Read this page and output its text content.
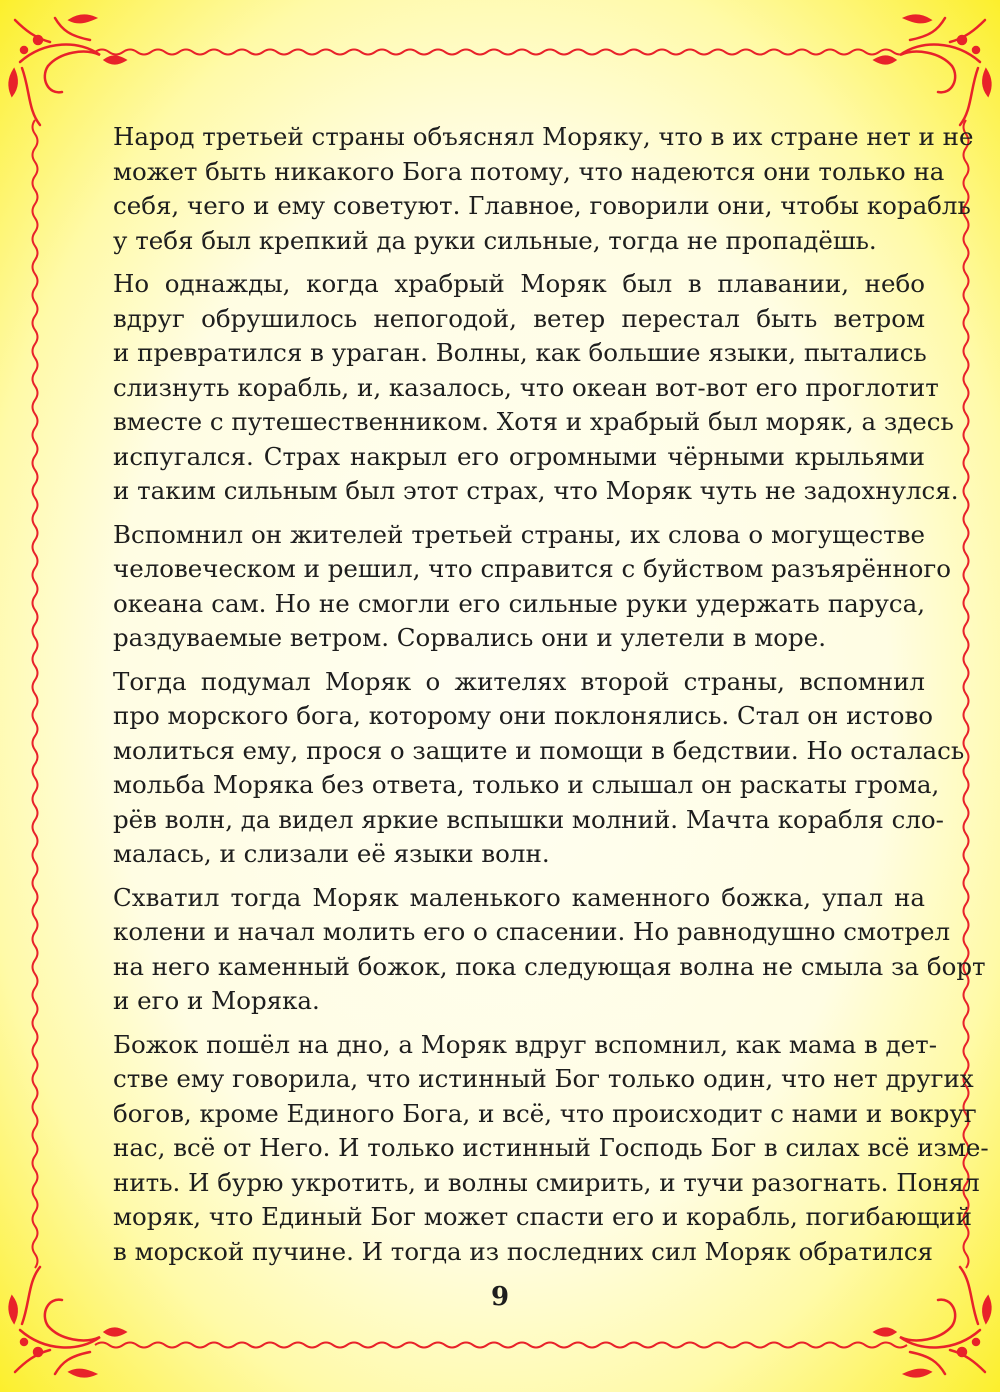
Народ третьей страны объяснял Моряку, что в их стране нет и не
может быть никакого Бога потому, что надеются они только на
себя, чего и ему советуют. Главное, говорили они, чтобы корабль
у тебя был крепкий да руки сильные, тогда не пропадёшь.
Но однажды, когда храбрый Моряк был в плавании, небо
вдруг обрушилось непогодой, ветер перестал быть ветром
и превратился в ураган. Волны, как большие языки, пытались
слизнуть корабль, и, казалось, что океан вот-вот его проглотит
вместе с путешественником. Хотя и храбрый был моряк, а здесь
испугался. Страх накрыл его огромными чёрными крыльями
и таким сильным был этот страх, что Моряк чуть не задохнулся.
Вспомнил он жителей третьей страны, их слова о могуществе
человеческом и решил, что справится с буйством разъярённого
океана сам. Но не смогли его сильные руки удержать паруса,
раздуваемые ветром. Сорвались они и улетели в море.
Тогда подумал Моряк о жителях второй страны, вспомнил
про морского бога, которому они поклонялись. Стал он истово
молиться ему, прося о защите и помощи в бедствии. Но осталась
мольба Моряка без ответа, только и слышал он раскаты грома,
рёв волн, да видел яркие вспышки молний. Мачта корабля сло-
малась, и слизали её языки волн.
Схватил тогда Моряк маленького каменного божка, упал на
колени и начал молить его о спасении. Но равнодушно смотрел
на него каменный божок, пока следующая волна не смыла за борт
и его и Моряка.
Божок пошёл на дно, а Моряк вдруг вспомнил, как мама в дет-
стве ему говорила, что истинный Бог только один, что нет других
богов, кроме Единого Бога, и всё, что происходит с нами и вокруг
нас, всё от Него. И только истинный Господь Бог в силах всё изме-
нить. И бурю укротить, и волны смирить, и тучи разогнать. Понял
моряк, что Единый Бог может спасти его и корабль, погибающий
в морской пучине. И тогда из последних сил Моряк обратился
9
